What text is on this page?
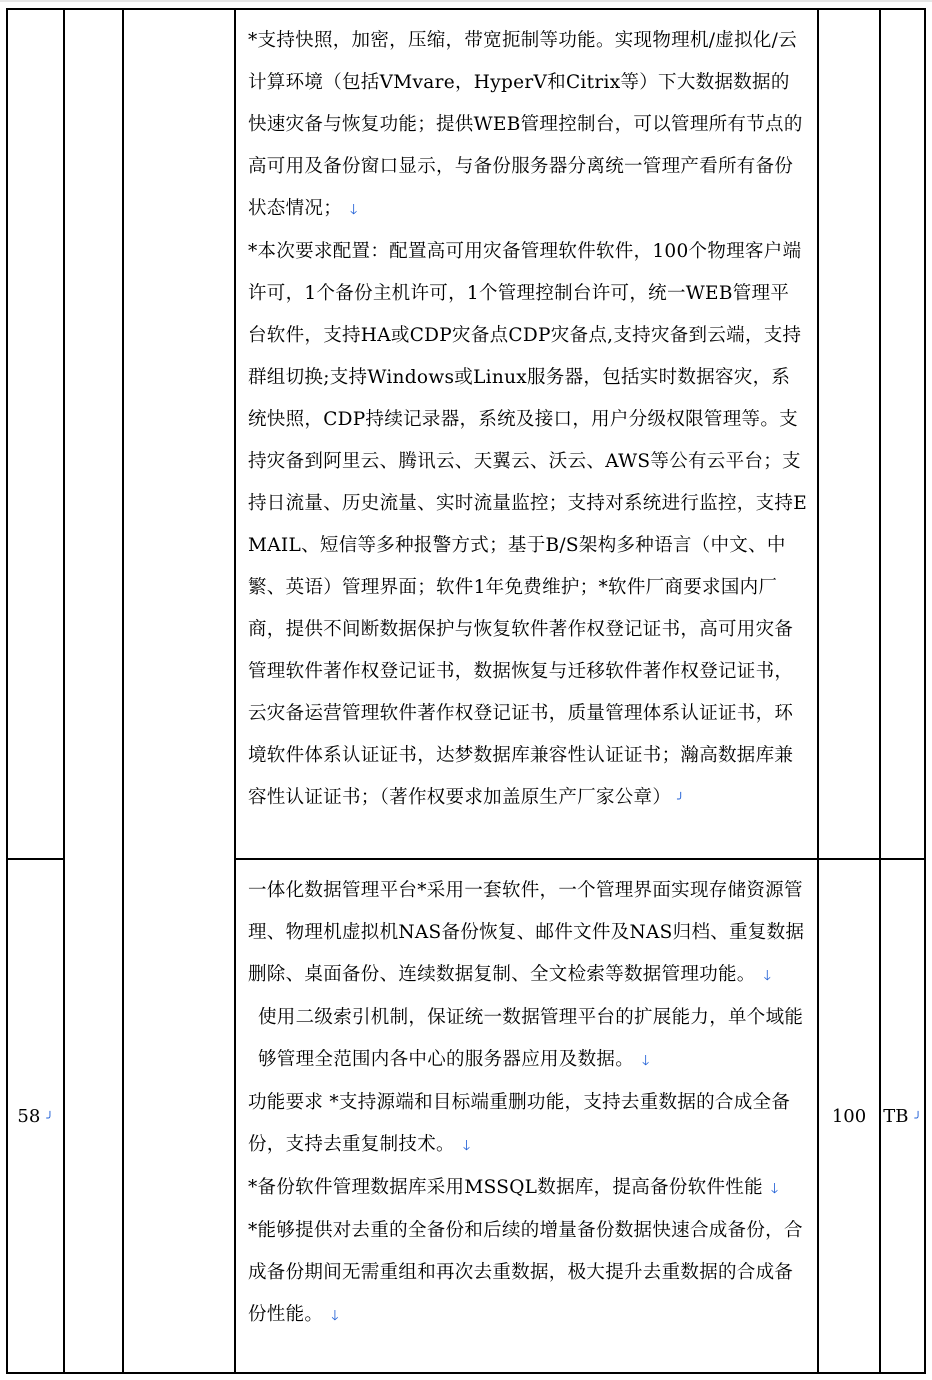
			*支持快照，加密，压缩，带宽扼制等功能。实现物理机/虚拟化/云计算环境（包括VMvare，HyperV和Citrix等）下大数据数据的快速灾备与恢复功能；提供WEB管理控制台，可以管理所有节点的高可用及备份窗口显示，与备份服务器分离统一管理产看所有备份状态情况； 🡓

*本次要求配置：配置高可用灾备管理软件软件，100个物理客户端许可，1个备份主机许可，1个管理控制台许可，统一WEB管理平台软件，支持HA或CDP灾备点CDP灾备点,支持灾备到云端，支持群组切换;支持Windows或Linux服务器，包括实时数据容灾，系统快照，CDP持续记录器，系统及接口，用户分级权限管理等。支持灾备到阿里云、腾讯云、天翼云、沃云、AWS等公有云平台；支持日流量、历史流量、实时流量监控；支持对系统进行监控，支持EMAIL、短信等多种报警方式；基于B/S架构多种语言（中文、中繁、英语）管理界面；软件1年免费维护；*软件厂商要求国内厂商，提供不间断数据保护与恢复软件著作权登记证书，高可用灾备管理软件著作权登记证书，数据恢复与迁移软件著作权登记证书，云灾备运营管理软件著作权登记证书，质量管理体系认证证书，环境软件体系认证证书，达梦数据库兼容性认证证书；瀚高数据库兼容性认证证书；（著作权要求加盖原生产厂家公章） ╯		

58 ╯			一体化数据管理平台*采用一套软件，一个管理界面实现存储资源管理、物理机虚拟机NAS备份恢复、邮件文件及NAS归档、重复数据删除、桌面备份、连续数据复制、全文检索等数据管理功能。 🡓

使用二级索引机制，保证统一数据管理平台的扩展能力，单个域能够管理全范围内各中心的服务器应用及数据。 🡓

功能要求 *支持源端和目标端重删功能，支持去重数据的合成全备份，支持去重复制技术。 🡓

*备份软件管理数据库采用MSSQL数据库，提高备份软件性能 🡓

*能够提供对去重的全备份和后续的增量备份数据快速合成备份，合成备份期间无需重组和再次去重数据，极大提升去重数据的合成备份性能。 🡓	100	TB ╯
